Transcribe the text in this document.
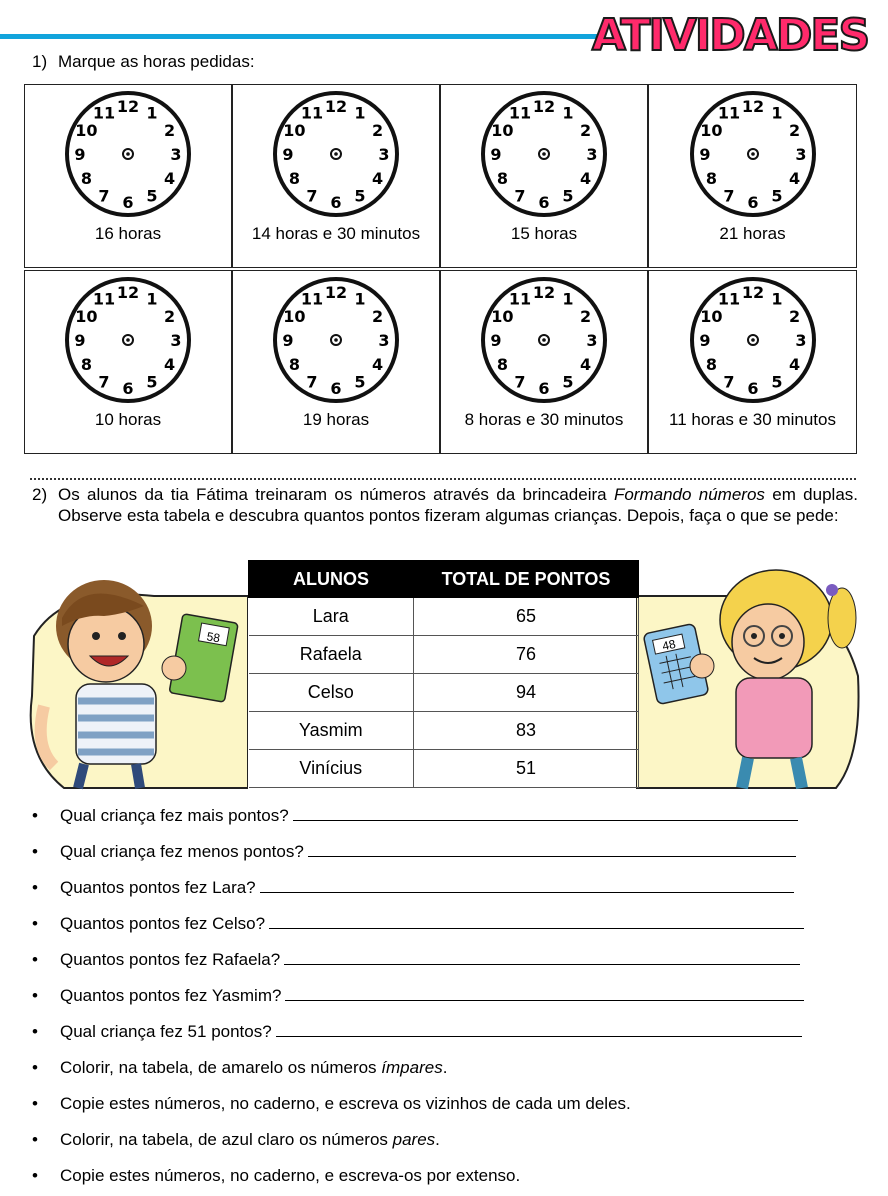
ATIVIDADES
1) Marque as horas pedidas:
12 1
2
3
4
5
6
7
8
9
10
11
16 horas
12 1
2
3
4
5
6
7
8
9
10
11
14 horas e 30 minutos
12 1
2
3
4
5
6
7
8
9
10
11
15 horas
12 1
2
3
4
5
6
7
8
9
10
11
21 horas
12 1
2
3
4
5
6
7
8
9
10
11
10 horas
12 1
2
3
4
5
6
7
8
9
10
11
19 horas
12 1
2
3
4
5
6
7
8
9
10
11
8 horas e 30 minutos
12 1
2
3
4
5
6
7
8
9
10
11
11 horas e 30 minutos
2) Os alunos da tia Fátima treinaram os números através da brincadeira Formando números em duplas. Observe esta tabela e descubra quantos pontos fizeram algumas crianças. Depois, faça o que se pede:
58	48
ALUNOS	TOTAL DE PONTOS
Lara	65
Rafaela	76
Celso	94
Yasmim	83
Vinícius	51
• Qual criança fez mais pontos?
• Qual criança fez menos pontos?
• Quantos pontos fez Lara?
• Quantos pontos fez Celso?
• Quantos pontos fez Rafaela?
• Quantos pontos fez Yasmim?
• Qual criança fez 51 pontos?
• Colorir, na tabela, de amarelo os números ímpares.
• Copie estes números, no caderno, e escreva os vizinhos de cada um deles.
• Colorir, na tabela, de azul claro os números pares.
• Copie estes números, no caderno, e escreva-os por extenso.
